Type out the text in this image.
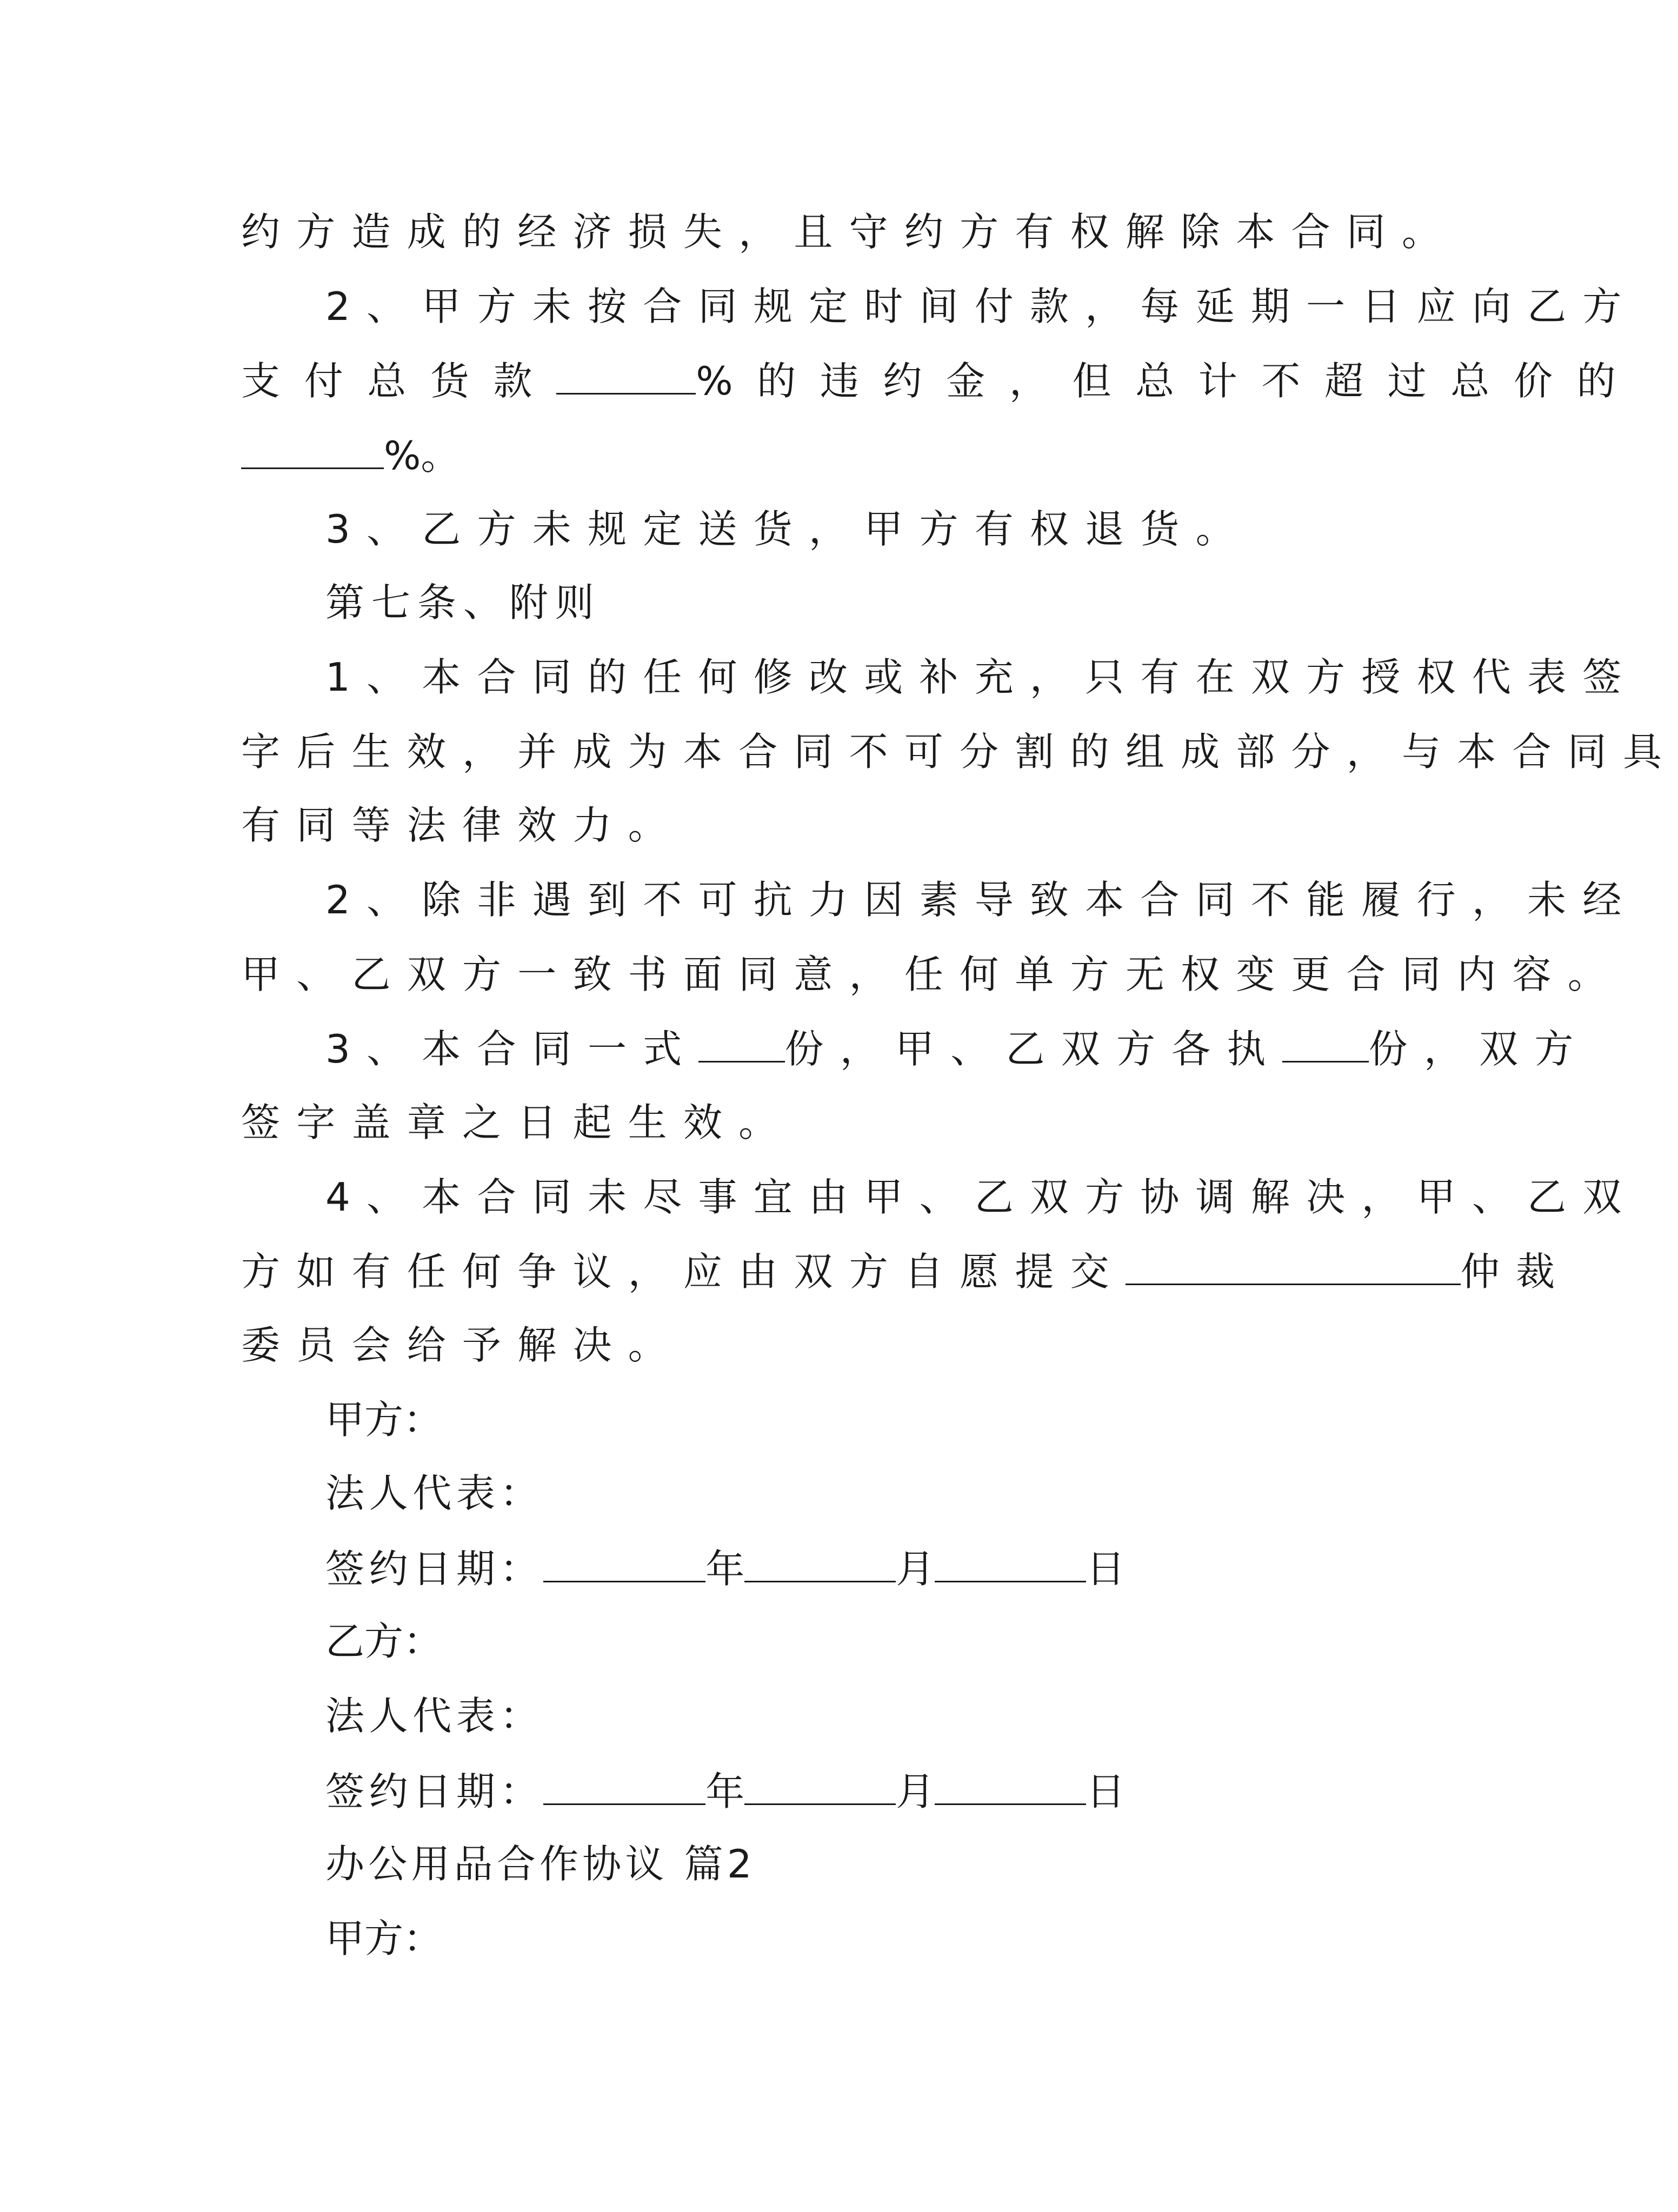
约方造成的经济损失，且守约方有权解除本合同。
2、甲方未按合同规定时间付款，每延期一日应向乙方
支付总货款	%的违约金，但总计不超过总价的
%。
3、乙方未规定送货，甲方有权退货。
第七条、附则
1、本合同的任何修改或补充，只有在双方授权代表签
字后生效，并成为本合同不可分割的组成部分，与本合同具
有同等法律效力。
2、除非遇到不可抗力因素导致本合同不能履行，未经
甲、乙双方一致书面同意，任何单方无权变更合同内容。
3、本合同一式 份，甲、乙双方各执 份，双方
签字盖章之日起生效。
4、本合同未尽事宜由甲、乙双方协调解决，甲、乙双
方如有任何争议，应由双方自愿提交	仲裁
委员会给予解决。
甲方：
法人代表：
签约日期：	年	月	日
乙方：
法人代表：
签约日期：	年	月	日
办公用品合作协议 篇2
甲方：
